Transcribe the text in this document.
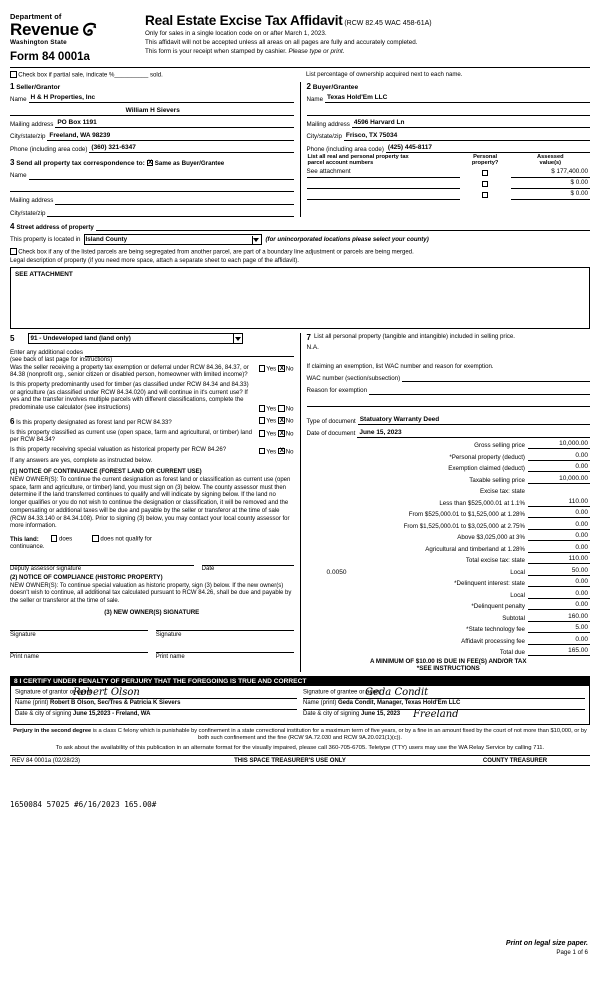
Department of
Revenue
Washington State
Form 84 0001a
Real Estate Excise Tax Affidavit (RCW 82.45 WAC 458-61A)
Only for sales in a single location code on or after March 1, 2023.
This affidavit will not be accepted unless all areas on all pages are fully and accurately completed.
This form is your receipt when stamped by cashier. Please type or print.
Check box if partial sale, indicate %__________ sold.	List percentage of ownership acquired next to each name.
1 Seller/Grantor
Name H & H Properties, Inc
William H Sievers
Mailing address PO Box 1191
City/state/zip Freeland, WA 98239
Phone (including area code) (360) 321-6347
3 Send all property tax correspondence to: X Same as Buyer/Grantee
Name
Mailing address
City/state/zip
2 Buyer/Grantee
Name Texas Hold'Em LLC
Mailing address 4596 Harvard Ln
City/state/zip Frisco, TX 75034
Phone (including area code) (425) 445-8117
List all real and personal property tax
parcel account numbers	Personal
property?	Assessed
value(s)

See attachment		$ 177,400.00

		$ 0.00

		$ 0.00
4 Street address of property
This property is located in Island County	(for unincorporated locations please select your county)
Check box if any of the listed parcels are being segregated from another parcel, are part of a boundary line adjustment or parcels are being merged.
Legal description of property (if you need more space, attach a separate sheet to each page of the affidavit).
SEE ATTACHMENT
5	91 - Undeveloped land (land only)
Enter any additional codes
(see back of last page for instructions)
Was the seller receiving a property tax exemption or deferral under RCW 84.36, 84.37, or 84.38 (nonprofit org., senior citizen or disabled person, homeowner with limited income)?
Yes X No
Is this property predominantly used for timber (as classified under RCW 84.34 and 84.33) or agriculture (as classified under RCW 84.34.020) and will continue in it's current use? If yes and the transfer involves multiple parcels with different classifications, complete the predominate use calculator (see instructions)	Yes No
6 Is this property designated as forest land per RCW 84.33?	Yes X No
Is this property classified as current use (open space, farm and agricultural, or timber) land per RCW 84.34?
Yes X No
Is this property receiving special valuation as historical property per RCW 84.26?	Yes X No
If any answers are yes, complete as instructed below.
(1) NOTICE OF CONTINUANCE (FOREST LAND OR CURRENT USE)
NEW OWNER(S): To continue the current designation as forest land or classification as current use (open space, farm and agriculture, or timber) land, you must sign on (3) below. The county assessor must then determine if the land transferred continues to qualify and will indicate by signing below. If the land no longer qualifies or you do not wish to continue the designation or classification, it will be removed and the compensating or additional taxes will be due and payable by the seller or transferor at the time of sale (RCW 84.33.140 or 84.34.108). Prior to signing (3) below, you may contact your local county assessor for more information.
This land:	does	does not qualify for
continuance.
Deputy assessor signature	Date
(2) NOTICE OF COMPLIANCE (HISTORIC PROPERTY)
NEW OWNER(S): To continue special valuation as historic property, sign (3) below. If the new owner(s) doesn't wish to continue, all additional tax calculated pursuant to RCW 84.26, shall be due and payable by the seller or transferor at the time of sale.
(3) NEW OWNER(S) SIGNATURE
Signature	Signature
Print name	Print name
7 List all personal property (tangible and intangible) included in selling price.
N.A.
If claiming an exemption, list WAC number and reason for exemption.
WAC number (section/subsection)
Reason for exemption
Type of document Statuatory Warranty Deed
Date of document June 15, 2023
Gross selling price	10,000.00
*Personal property (deduct)	0.00
Exemption claimed (deduct)	0.00
Taxable selling price	10,000.00
Excise tax: state
Less than $525,000.01 at 1.1%	110.00
From $525,000.01 to $1,525,000 at 1.28%	0.00
From $1,525,000.01 to $3,025,000 at 2.75%	0.00
Above $3,025,000 at 3%	0.00
Agricultural and timberland at 1.28%	0.00
Total excise tax: state	110.00
0.0050	Local	50.00
*Delinquent interest: state	0.00
Local	0.00
*Delinquent penalty	0.00
Subtotal	160.00
*State technology fee	5.00
Affidavit processing fee	0.00
Total due	165.00
A MINIMUM OF $10.00 IS DUE IN FEE(S) AND/OR TAX
*SEE INSTRUCTIONS
8 I CERTIFY UNDER PENALTY OF PERJURY THAT THE FOREGOING IS TRUE AND CORRECT
Signature of grantor or agent
Robert Olson
Name (print) Robert B Olson, Sec/Tres & Patricia K Sievers
Date & city of signing June 15,2023 - Freland, WA
Signature of grantee or agent
Geda Condit
Name (print) Geda Condit, Manager, Texas Hold'Em LLC
Date & city of signing June 15, 2023 Freeland
Perjury in the second degree is a class C felony which is punishable by confinement in a state correctional institution for a maximum term of five years, or by a fine in an amount fixed by the court of not more than $10,000, or by both such confinement and the fine (RCW 9A.72.030 and RCW 9A.20.021(1)(c)).
To ask about the availability of this publication in an alternate format for the visually impaired, please call 360-705-6705. Teletype (TTY) users may use the WA Relay Service by calling 711.
REV 84 0001a (02/28/23)	THIS SPACE TREASURER'S USE ONLY	COUNTY TREASURER
1650084 57025 #6/16/2023 165.00#
Print on legal size paper.
Page 1 of 6
